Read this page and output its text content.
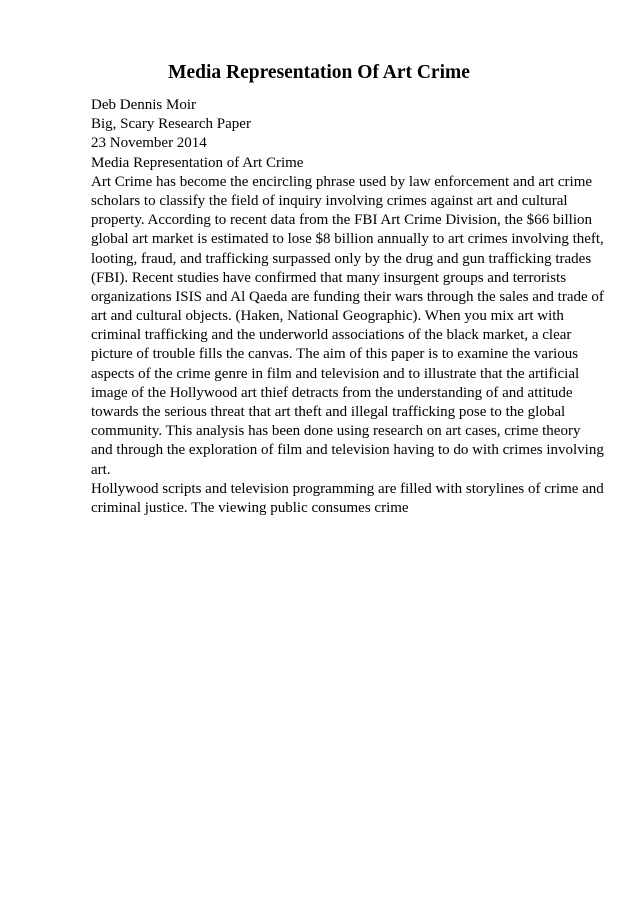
Media Representation Of Art Crime
Deb Dennis Moir
Big, Scary Research Paper
23 November 2014
Media Representation of Art Crime
Art Crime has become the encircling phrase used by law enforcement and art crime
scholars to classify the field of inquiry involving crimes against art and cultural
property. According to recent data from the FBI Art Crime Division, the $66 billion
global art market is estimated to lose $8 billion annually to art crimes involving theft,
looting, fraud, and trafficking surpassed only by the drug and gun trafficking trades
(FBI). Recent studies have confirmed that many insurgent groups and terrorists
organizations ISIS and Al Qaeda are funding their wars through the sales and trade of
art and cultural objects. (Haken, National Geographic). When you mix art with
criminal trafficking and the underworld associations of the black market, a clear
picture of trouble fills the canvas. The aim of this paper is to examine the various
aspects of the crime genre in film and television and to illustrate that the artificial
image of the Hollywood art thief detracts from the understanding of and attitude
towards the serious threat that art theft and illegal trafficking pose to the global
community. This analysis has been done using research on art cases, crime theory
and through the exploration of film and television having to do with crimes involving
art.
Hollywood scripts and television programming are filled with storylines of crime and
criminal justice. The viewing public consumes crime
